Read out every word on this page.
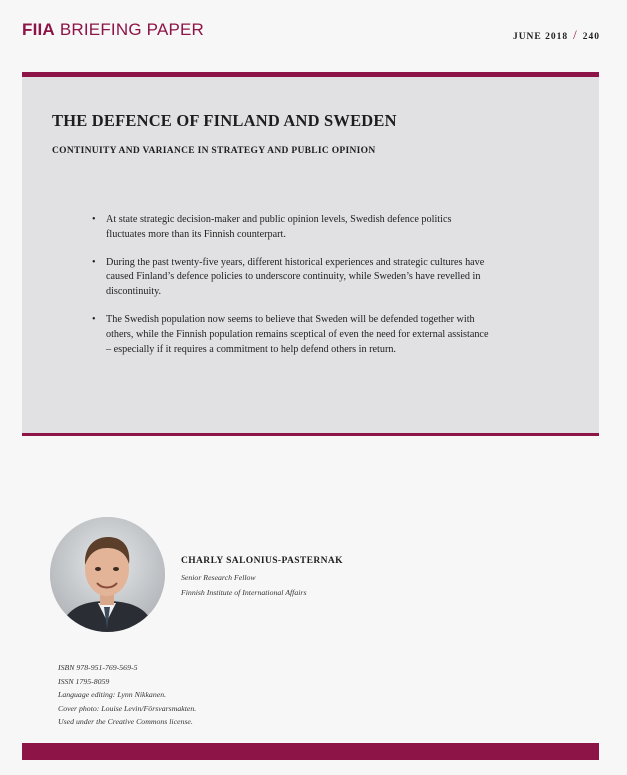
FIIA BRIEFING PAPER	JUNE 2018 / 240
THE DEFENCE OF FINLAND AND SWEDEN
CONTINUITY AND VARIANCE IN STRATEGY AND PUBLIC OPINION
• At state strategic decision-maker and public opinion levels, Swedish defence politics fluctuates more than its Finnish counterpart.
• During the past twenty-five years, different historical experiences and strategic cultures have caused Finland’s defence policies to underscore continuity, while Sweden’s have revelled in discontinuity.
• The Swedish population now seems to believe that Sweden will be defended together with others, while the Finnish population remains sceptical of even the need for external assistance – especially if it requires a commitment to help defend others in return.
CHARLY SALONIUS-PASTERNAK
Senior Research Fellow
Finnish Institute of International Affairs
ISBN 978-951-769-569-5
ISSN 1795-8059
Language editing: Lynn Nikkanen.
Cover photo: Louise Levin/Försvarsmakten.
Used under the Creative Commons license.
